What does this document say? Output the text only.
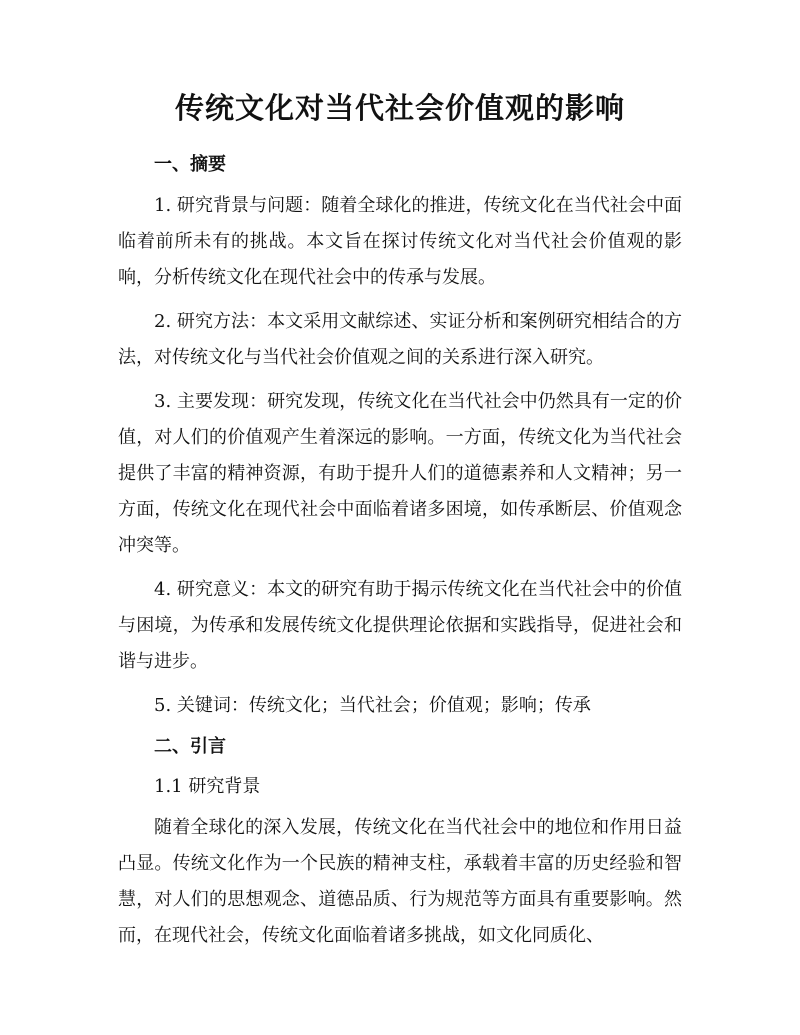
传统文化对当代社会价值观的影响
一、摘要

1. 研究背景与问题：随着全球化的推进，传统文化在当代社会中面临着前所未有的挑战。本文旨在探讨传统文化对当代社会价值观的影响，分析传统文化在现代社会中的传承与发展。

2. 研究方法：本文采用文献综述、实证分析和案例研究相结合的方法，对传统文化与当代社会价值观之间的关系进行深入研究。

3. 主要发现：研究发现，传统文化在当代社会中仍然具有一定的价值，对人们的价值观产生着深远的影响。一方面，传统文化为当代社会提供了丰富的精神资源，有助于提升人们的道德素养和人文精神；另一方面，传统文化在现代社会中面临着诸多困境，如传承断层、价值观念冲突等。

4. 研究意义：本文的研究有助于揭示传统文化在当代社会中的价值与困境，为传承和发展传统文化提供理论依据和实践指导，促进社会和谐与进步。

5. 关键词：传统文化；当代社会；价值观；影响；传承

二、引言

1.1 研究背景

随着全球化的深入发展，传统文化在当代社会中的地位和作用日益凸显。传统文化作为一个民族的精神支柱，承载着丰富的历史经验和智慧，对人们的思想观念、道德品质、行为规范等方面具有重要影响。然而，在现代社会，传统文化面临着诸多挑战，如文化同质化、
